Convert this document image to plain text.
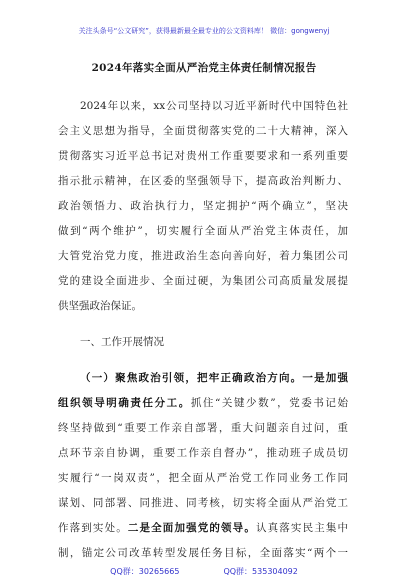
关注头条号“公文研究”，获得最新最全最专业的公文资料库！ 微信：gongwenyj
2024年落实全面从严治党主体责任制情况报告
2024年以来，xx公司坚持以习近平新时代中国特色社
会主义思想为指导，全面贯彻落实党的二十大精神，深入
贯彻落实习近平总书记对贵州工作重要要求和一系列重要
指示批示精神，在区委的坚强领导下，提高政治判断力、
政治领悟力、政治执行力，坚定拥护“两个确立”，坚决
做到“两个维护”，切实履行全面从严治党主体责任，加
大管党治党力度，推进政治生态向善向好，着力集团公司
党的建设全面进步、全面过硬，为集团公司高质量发展提
供坚强政治保证。
一、工作开展情况
（一）聚焦政治引领，把牢正确政治方向。一是加强
组织领导明确责任分工。抓住“关键少数”，党委书记始
终坚持做到“重要工作亲自部署，重大问题亲自过问，重
点环节亲自协调，重要工作亲自督办”，推动班子成员切
实履行“一岗双责”，把全面从严治党工作同业务工作同
谋划、同部署、同推进、同考核，切实将全面从严治党工
作落到实处。二是全面加强党的领导。认真落实民主集中
制，锚定公司改革转型发展任务目标，全面落实“两个一
QQ群：30265665	QQ群：535304092
